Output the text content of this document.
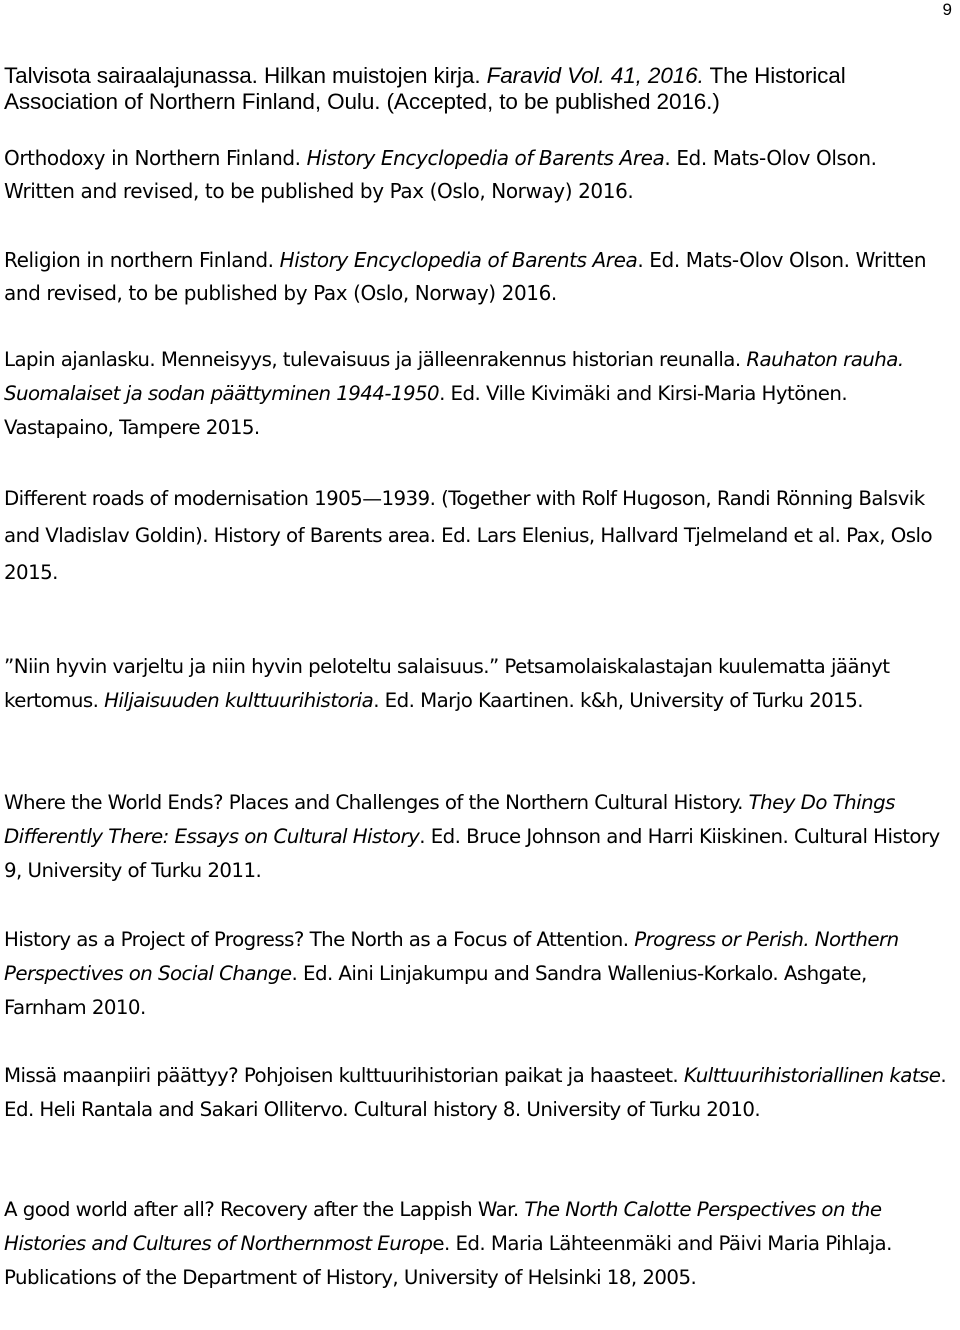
9

Talvisota sairaalajunassa. Hilkan muistojen kirja. Faravid Vol. 41, 2016. The Historical Association of Northern Finland, Oulu. (Accepted, to be published 2016.)

Orthodoxy in Northern Finland. History Encyclopedia of Barents Area. Ed. Mats-Olov Olson. Written and revised, to be published by Pax (Oslo, Norway) 2016.

Religion in northern Finland. History Encyclopedia of Barents Area. Ed. Mats-Olov Olson. Written and revised, to be published by Pax (Oslo, Norway) 2016.

Lapin ajanlasku. Menneisyys, tulevaisuus ja jälleenrakennus historian reunalla. Rauhaton rauha. Suomalaiset ja sodan päättyminen 1944-1950. Ed. Ville Kivimäki and Kirsi-Maria Hytönen. Vastapaino, Tampere 2015.

Different roads of modernisation 1905—1939. (Together with Rolf Hugoson, Randi Rönning Balsvik and Vladislav Goldin). History of Barents area. Ed. Lars Elenius, Hallvard Tjelmeland et al. Pax, Oslo 2015.

”Niin hyvin varjeltu ja niin hyvin peloteltu salaisuus.” Petsamolaiskalastajan kuulematta jäänyt kertomus. Hiljaisuuden kulttuurihistoria. Ed. Marjo Kaartinen. k&h, University of Turku 2015.

Where the World Ends? Places and Challenges of the Northern Cultural History. They Do Things Differently There: Essays on Cultural History. Ed. Bruce Johnson and Harri Kiiskinen. Cultural History 9, University of Turku 2011.

History as a Project of Progress? The North as a Focus of Attention. Progress or Perish. Northern Perspectives on Social Change. Ed. Aini Linjakumpu and Sandra Wallenius-Korkalo. Ashgate, Farnham 2010.

Missä maanpiiri päättyy? Pohjoisen kulttuurihistorian paikat ja haasteet. Kulttuurihistoriallinen katse. Ed. Heli Rantala and Sakari Ollitervo. Cultural history 8. University of Turku 2010.

A good world after all? Recovery after the Lappish War. The North Calotte Perspectives on the Histories and Cultures of Northernmost Europe. Ed. Maria Lähteenmäki and Päivi Maria Pihlaja. Publications of the Department of History, University of Helsinki 18, 2005.
